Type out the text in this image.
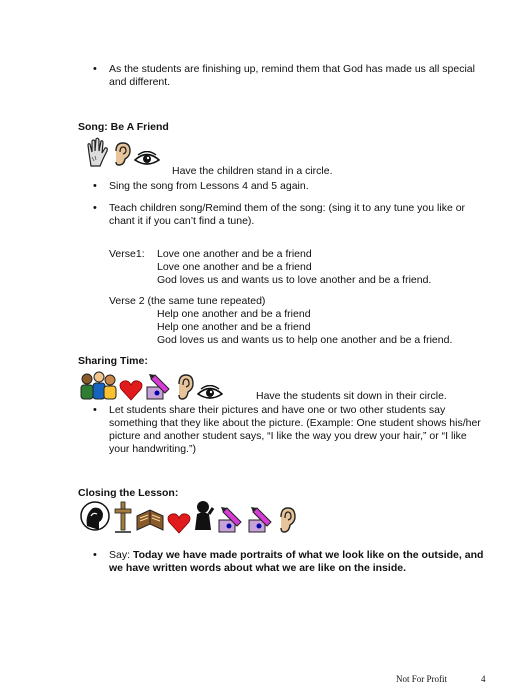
•
As the students are finishing up, remind them that God has made us all special
and different.
Song: Be A Friend
Have the children stand in a circle.
•
Sing the song from Lessons 4 and 5 again.
•
Teach children song/Remind them of the song: (sing it to any tune you like or
chant it if you can’t find a tune).
Verse1: Love one another and be a friend
Love one another and be a friend
God loves us and wants us to love another and be a friend.
Verse 2 (the same tune repeated)
Help one another and be a friend
Help one another and be a friend
God loves us and wants us to help one another and be a friend.
Sharing Time:
Have the students sit down in their circle.
•
Let students share their pictures and have one or two other students say
something that they like about the picture. (Example: One student shows his/her
picture and another student says, “I like the way you drew your hair,” or “I like
your handwriting.”)
Closing the Lesson:
•
Say: Today we have made portraits of what we look like on the outside, and
we have written words about what we are like on the inside.
Not For Profit	4
